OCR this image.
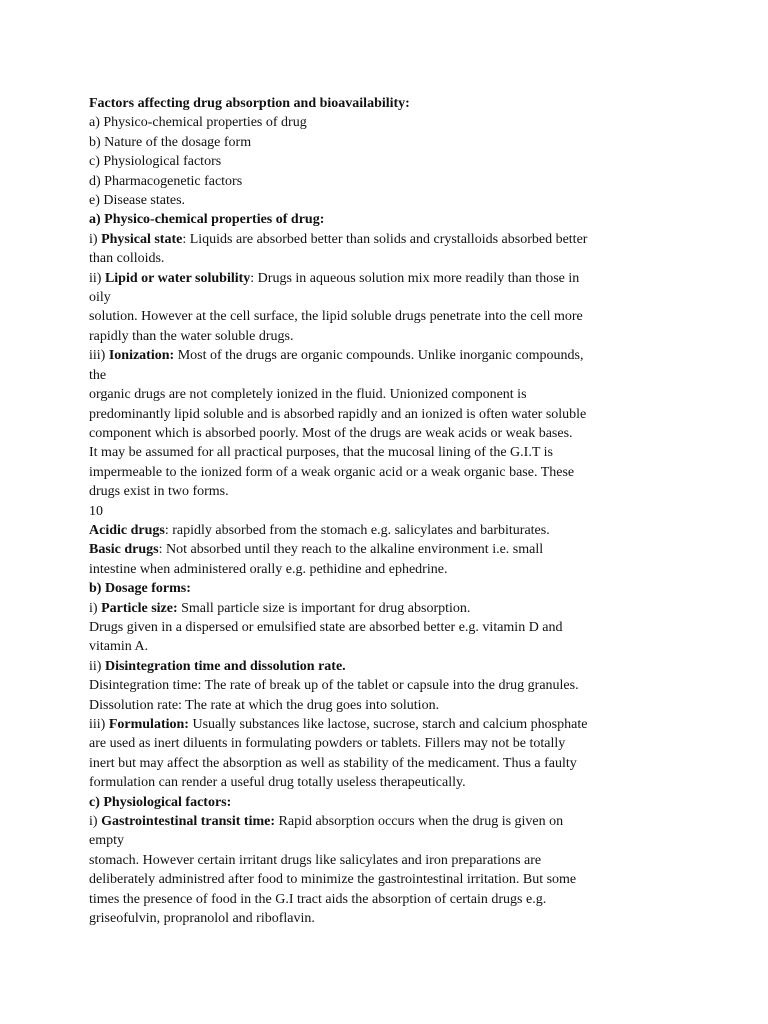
Factors affecting drug absorption and bioavailability:
a) Physico-chemical properties of drug
b) Nature of the dosage form
c) Physiological factors
d) Pharmacogenetic factors
e) Disease states.
a) Physico-chemical properties of drug:
i) Physical state: Liquids are absorbed better than solids and crystalloids absorbed better
than colloids.
ii) Lipid or water solubility: Drugs in aqueous solution mix more readily than those in
oily
solution. However at the cell surface, the lipid soluble drugs penetrate into the cell more
rapidly than the water soluble drugs.
iii) Ionization: Most of the drugs are organic compounds. Unlike inorganic compounds,
the
organic drugs are not completely ionized in the fluid. Unionized component is
predominantly lipid soluble and is absorbed rapidly and an ionized is often water soluble
component which is absorbed poorly. Most of the drugs are weak acids or weak bases.
It may be assumed for all practical purposes, that the mucosal lining of the G.I.T is
impermeable to the ionized form of a weak organic acid or a weak organic base. These
drugs exist in two forms.
10
Acidic drugs: rapidly absorbed from the stomach e.g. salicylates and barbiturates.
Basic drugs: Not absorbed until they reach to the alkaline environment i.e. small
intestine when administered orally e.g. pethidine and ephedrine.
b) Dosage forms:
i) Particle size: Small particle size is important for drug absorption.
Drugs given in a dispersed or emulsified state are absorbed better e.g. vitamin D and
vitamin A.
ii) Disintegration time and dissolution rate.
Disintegration time: The rate of break up of the tablet or capsule into the drug granules.
Dissolution rate: The rate at which the drug goes into solution.
iii) Formulation: Usually substances like lactose, sucrose, starch and calcium phosphate
are used as inert diluents in formulating powders or tablets. Fillers may not be totally
inert but may affect the absorption as well as stability of the medicament. Thus a faulty
formulation can render a useful drug totally useless therapeutically.
c) Physiological factors:
i) Gastrointestinal transit time: Rapid absorption occurs when the drug is given on
empty
stomach. However certain irritant drugs like salicylates and iron preparations are
deliberately administred after food to minimize the gastrointestinal irritation. But some
times the presence of food in the G.I tract aids the absorption of certain drugs e.g.
griseofulvin, propranolol and riboflavin.
